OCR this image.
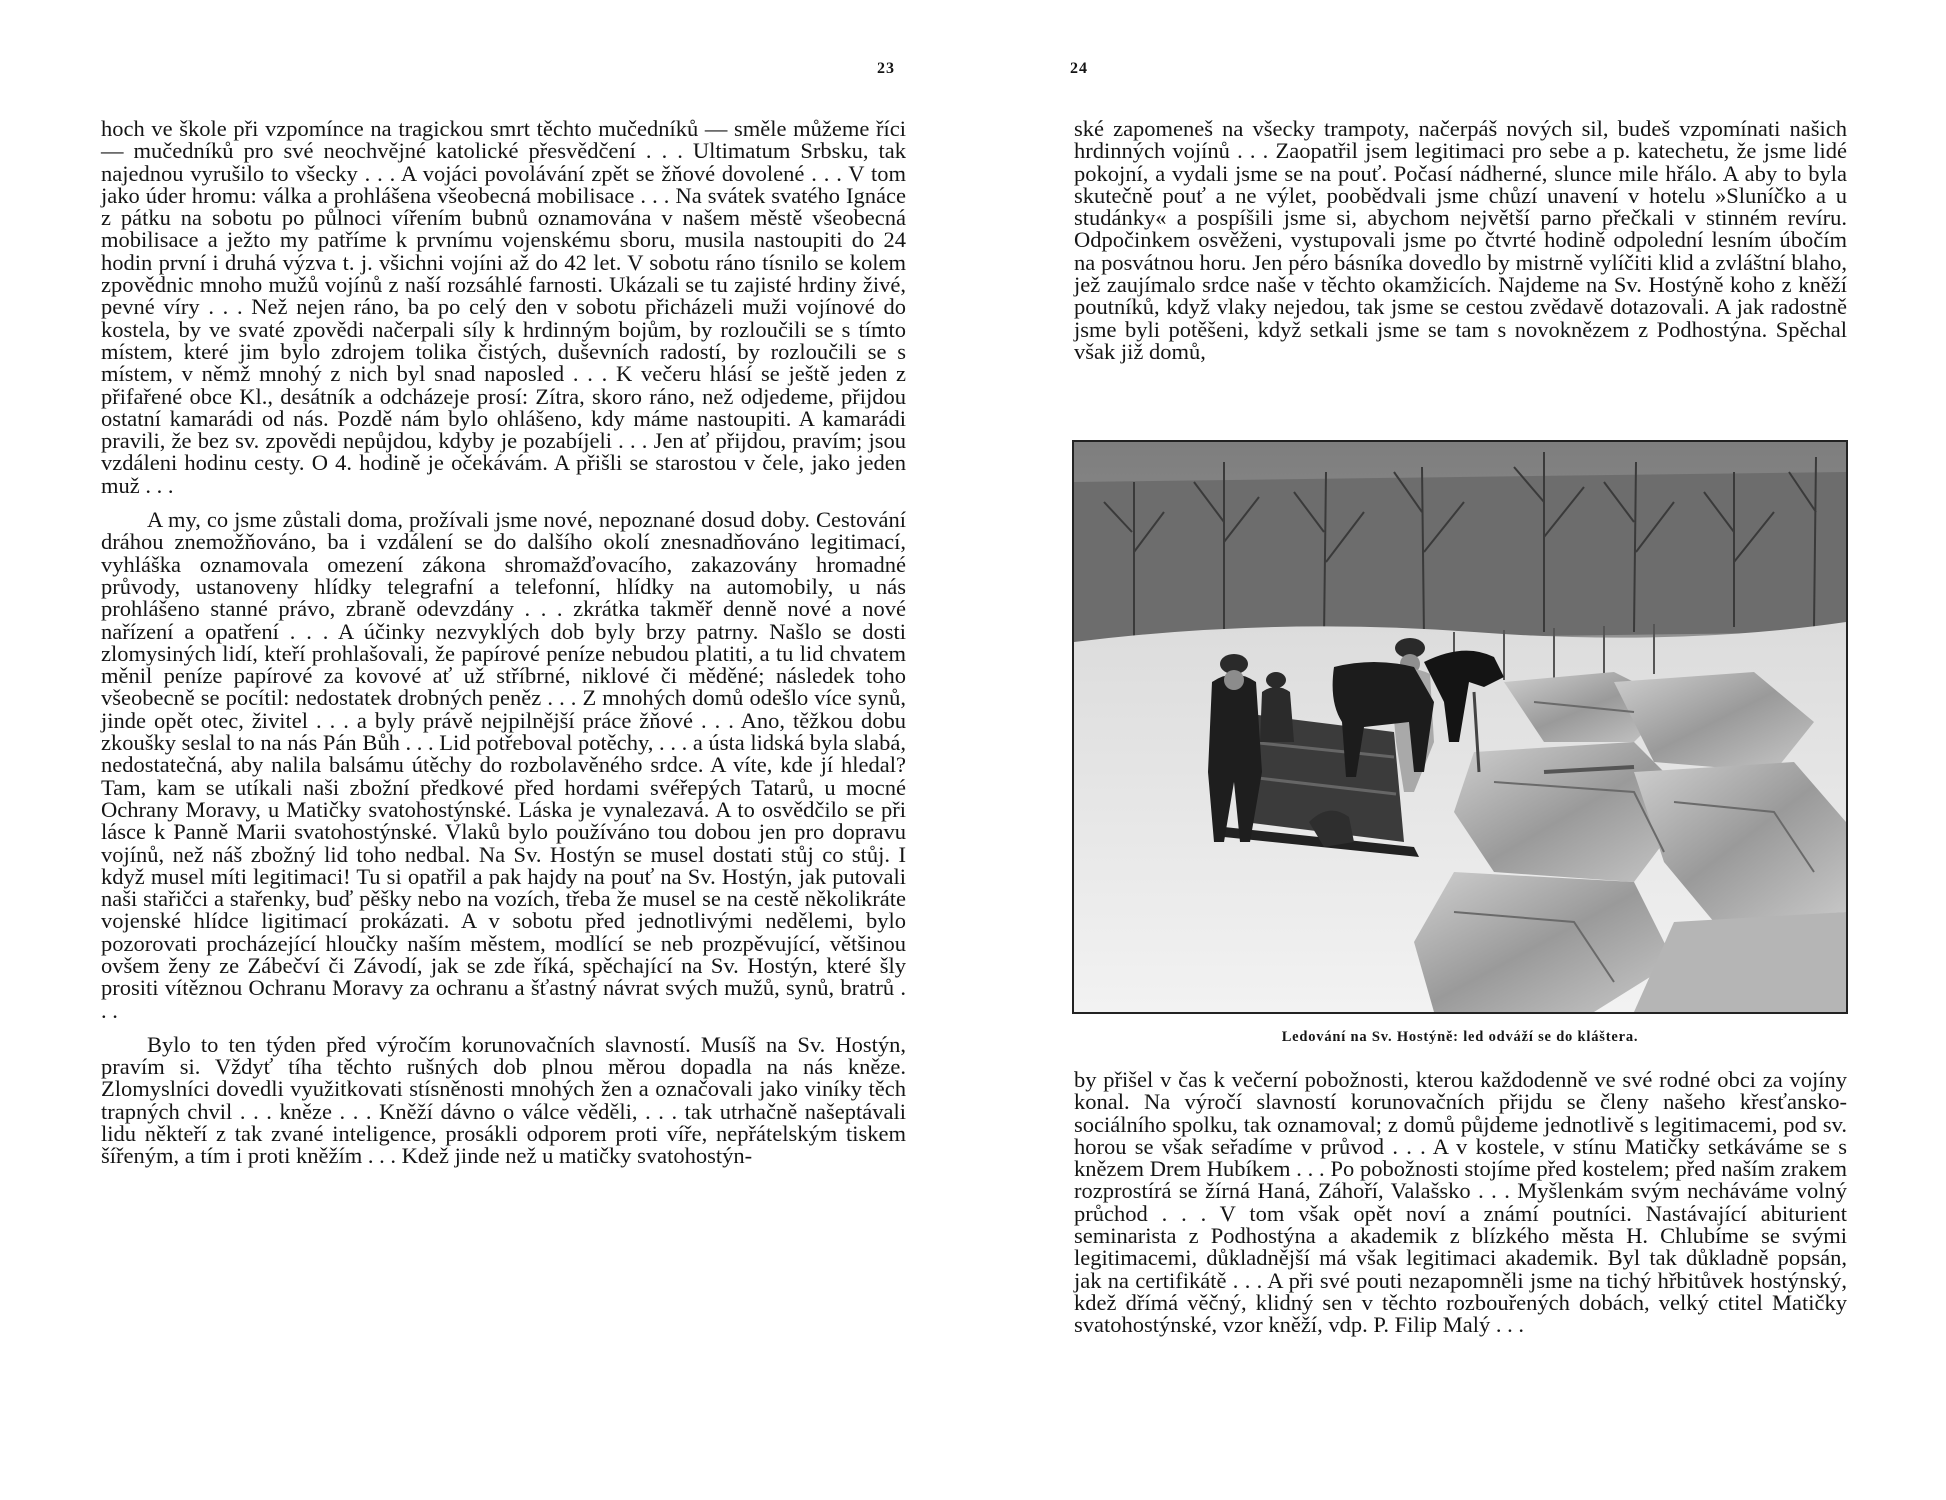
23

hoch ve škole při vzpomínce na tragickou smrt těchto mučedníků — směle můžeme říci — mučedníků pro své neochvějné katolické přesvědčení . . . Ultimatum Srbsku, tak najednou vyrušilo to všecky . . . A vojáci povolávání zpět se žňové dovolené . . . V tom jako úder hromu: válka a prohlášena všeobecná mobilisace . . . Na svátek svatého Ignáce z pátku na sobotu po půlnoci vířením bubnů oznamována v našem městě všeobecná mobilisace a ježto my patříme k prvnímu vojenskému sboru, musila nastoupiti do 24 hodin první i druhá výzva t. j. všichni vojíni až do 42 let. V sobotu ráno tísnilo se kolem zpovědnic mnoho mužů vojínů z naší rozsáhlé farnosti. Ukázali se tu zajisté hrdiny živé, pevné víry . . . Než nejen ráno, ba po celý den v sobotu přicházeli muži vojínové do kostela, by ve svaté zpovědi načerpali síly k hrdinným bojům, by rozloučili se s tímto místem, které jim bylo zdrojem tolika čistých, duševních radostí, by rozloučili se s místem, v němž mnohý z nich byl snad naposled . . . K večeru hlásí se ještě jeden z přifařené obce Kl., desátník a odcházeje prosí: Zítra, skoro ráno, než odjedeme, přijdou ostatní kamarádi od nás. Pozdě nám bylo ohlášeno, kdy máme nastoupiti. A kamarádi pravili, že bez sv. zpovědi nepůjdou, kdyby je pozabíjeli . . . Jen ať přijdou, pravím; jsou vzdáleni hodinu cesty. O 4. hodině je očekávám. A přišli se starostou v čele, jako jeden muž . . .

A my, co jsme zůstali doma, prožívali jsme nové, nepoznané dosud doby. Cestování dráhou znemožňováno, ba i vzdálení se do dalšího okolí znesnadňováno legitimací, vyhláška oznamovala omezení zákona shromažďovacího, zakazovány hromadné průvody, ustanoveny hlídky telegrafní a telefonní, hlídky na automobily, u nás prohlášeno stanné právo, zbraně odevzdány . . . zkrátka takměř denně nové a nové nařízení a opatření . . . A účinky nezvyklých dob byly brzy patrny. Našlo se dosti zlomysiných lidí, kteří prohlašovali, že papírové peníze nebudou platiti, a tu lid chvatem měnil peníze papírové za kovové ať už stříbrné, niklové či měděné; následek toho všeobecně se pocítil: nedostatek drobných peněz . . . Z mnohých domů odešlo více synů, jinde opět otec, živitel . . . a byly právě nejpilnější práce žňové . . . Ano, těžkou dobu zkoušky seslal to na nás Pán Bůh . . . Lid potřeboval potěchy, . . . a ústa lidská byla slabá, nedostatečná, aby nalila balsámu útěchy do rozbolavěného srdce. A víte, kde jí hledal? Tam, kam se utíkali naši zbožní předkové před hordami svéřepých Tatarů, u mocné Ochrany Moravy, u Matičky svatohostýnské. Láska je vynalezavá. A to osvědčilo se při lásce k Panně Marii svatohostýnské. Vlaků bylo používáno tou dobou jen pro dopravu vojínů, než náš zbožný lid toho nedbal. Na Sv. Hostýn se musel dostati stůj co stůj. I když musel míti legitimaci! Tu si opatřil a pak hajdy na pouť na Sv. Hostýn, jak putovali naši stařičci a stařenky, buď pěšky nebo na vozích, třeba že musel se na cestě několikráte vojenské hlídce ligitimací prokázati. A v sobotu před jednotlivými nedělemi, bylo pozorovati procházející hloučky naším městem, modlící se neb prozpěvující, většinou ovšem ženy ze Zábečví či Závodí, jak se zde říká, spěchající na Sv. Hostýn, které šly prositi vítěznou Ochranu Moravy za ochranu a šťastný návrat svých mužů, synů, bratrů . . .

Bylo to ten týden před výročím korunovačních slavností. Musíš na Sv. Hostýn, pravím si. Vždyť tíha těchto rušných dob plnou měrou dopadla na nás kněze. Zlomyslníci dovedli využitkovati stísněnosti mnohých žen a označovali jako viníky těch trapných chvil . . . kněze . . . Kněží dávno o válce věděli, . . . tak utrhačně našeptávali lidu někteří z tak zvané inteligence, prosákli odporem proti víře, nepřátelským tiskem šířeným, a tím i proti kněžím . . . Kdež jinde než u matičky svatohostýn-

24

ské zapomeneš na všecky trampoty, načerpáš nových sil, budeš vzpomínati našich hrdinných vojínů . . . Zaopatřil jsem legitimaci pro sebe a p. katechetu, že jsme lidé pokojní, a vydali jsme se na pouť. Počasí nádherné, slunce mile hřálo. A aby to byla skutečně pouť a ne výlet, poobědvali jsme chůzí unavení v hotelu »Sluníčko a u studánky« a pospíšili jsme si, abychom největší parno přečkali v stinném revíru. Odpočinkem osvěženi, vystupovali jsme po čtvrté hodině odpolední lesním úbočím na posvátnou horu. Jen péro básníka dovedlo by mistrně vylíčiti klid a zvláštní blaho, jež zaujímalo srdce naše v těchto okamžicích. Najdeme na Sv. Hostýně koho z kněží poutníků, když vlaky nejedou, tak jsme se cestou zvědavě dotazovali. A jak radostně jsme byli potěšeni, když setkali jsme se tam s novoknězem z Podhostýna. Spěchal však již domů,

Ledování na Sv. Hostýně: led odváží se do kláštera.

by přišel v čas k večerní pobožnosti, kterou každodenně ve své rodné obci za vojíny konal. Na výročí slavností korunovačních přijdu se členy našeho křesťansko-sociálního spolku, tak oznamoval; z domů půjdeme jednotlivě s legitimacemi, pod sv. horou se však seřadíme v průvod . . . A v kostele, v stínu Matičky setkáváme se s knězem Drem Hubíkem . . . Po pobožnosti stojíme před kostelem; před naším zrakem rozprostírá se žírná Haná, Záhoří, Valašsko . . . Myšlenkám svým necháváme volný průchod . . . V tom však opět noví a známí poutníci. Nastávající abiturient seminarista z Podhostýna a akademik z blízkého města H. Chlubíme se svými legitimacemi, důkladnější má však legitimaci akademik. Byl tak důkladně popsán, jak na certifikátě . . . A při své pouti nezapomněli jsme na tichý hřbitůvek hostýnský, kdež dřímá věčný, klidný sen v těchto rozbouřených dobách, velký ctitel Matičky svatohostýnské, vzor kněží, vdp. P. Filip Malý . . .
